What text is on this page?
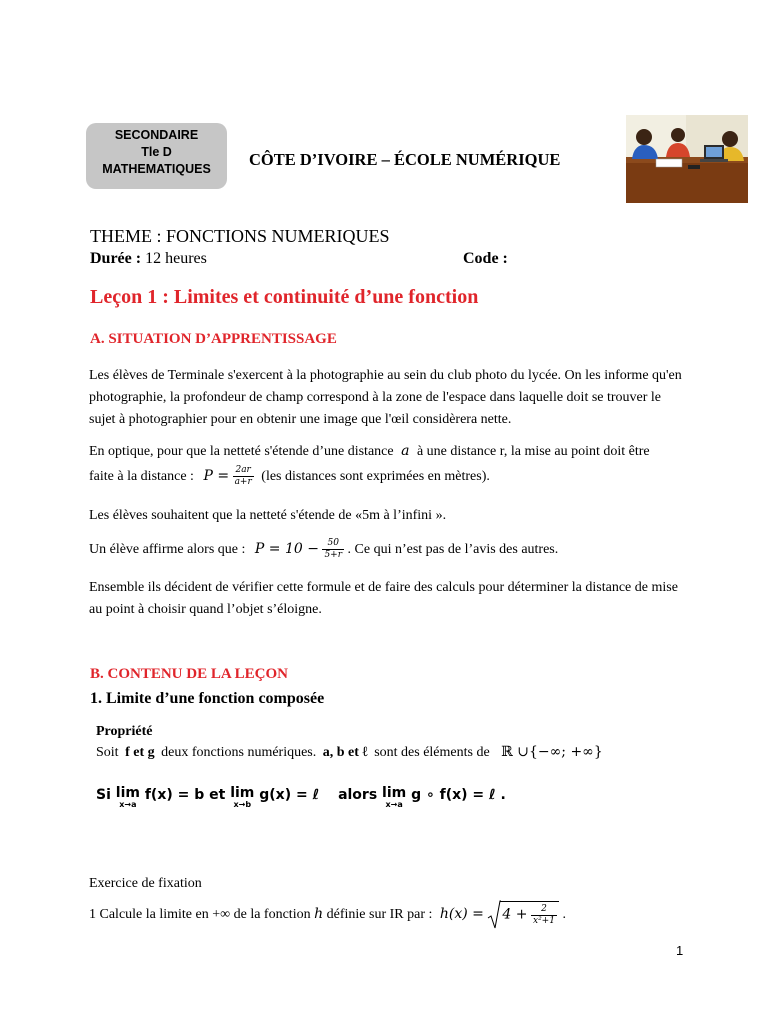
SECONDAIRE
Tle D
MATHEMATIQUES	CÔTE D’IVOIRE – ÉCOLE NUMÉRIQUE
THEME : FONCTIONS NUMERIQUES
Durée : 12 heures	Code :
Leçon 1 : Limites et continuité d’une fonction
A. SITUATION D’APPRENTISSAGE
Les élèves de Terminale s'exercent à la photographie au sein du club photo du lycée. On les informe qu'en photographie, la profondeur de champ correspond à la zone de l'espace dans laquelle doit se trouver le sujet à photographier pour en obtenir une image que l'œil considèrera nette.
En optique, pour que la netteté s'étende d’une distance a à une distance r, la mise au point doit être
faite à la distance : $P = \frac{2ar}{a+r} (les$ distances sont exprimées en mètres).
Les élèves souhaitent que la netteté s'étende de «5m à l’infini ».
Un élève affirme alors que : $P = 10 - \frac{50}{5+r}$ . Ce qui n’est pas de l’avis des autres.
Ensemble ils décident de vérifier cette formule et de faire des calculs pour déterminer la distance de mise au point à choisir quand l’objet s’éloigne.
B. CONTENU DE LA LEÇON
1. Limite d’une fonction composée
Propriété
Soit f et g deux fonctions numériques. a, b et ℓ sont des éléments de ℝ ∪{−∞; +∞}
Si lim
x→a
f(x) = b et lim
x→b
g(x) = ℓ alors lim
x→a
g ∘ f(x) = ℓ .
Exercice de fixation
1 Calcule la limite en +∞ de la fonction h définie sur IR par : $h(x) = 4 + \frac{2}{\text{x²+1}}$ .
1
